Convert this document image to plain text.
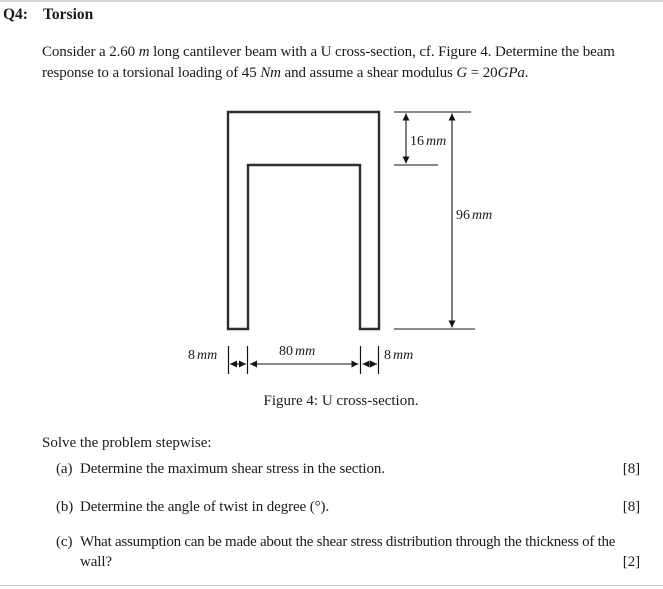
Q4: Torsion
Consider a 2.60 m long cantilever beam with a U cross-section, cf. Figure 4. Determine the beam
response to a torsional loading of 45 Nm and assume a shear modulus G = 20GPa.
16 mm
96 mm
8 mm	80 mm	8 mm
Figure 4: U cross-section.
Solve the problem stepwise:
(a) Determine the maximum shear stress in the section.	[8]
(b) Determine the angle of twist in degree (°).	[8]
(c) What assumption can be made about the shear stress distribution through the thickness of the
wall?	[2]
